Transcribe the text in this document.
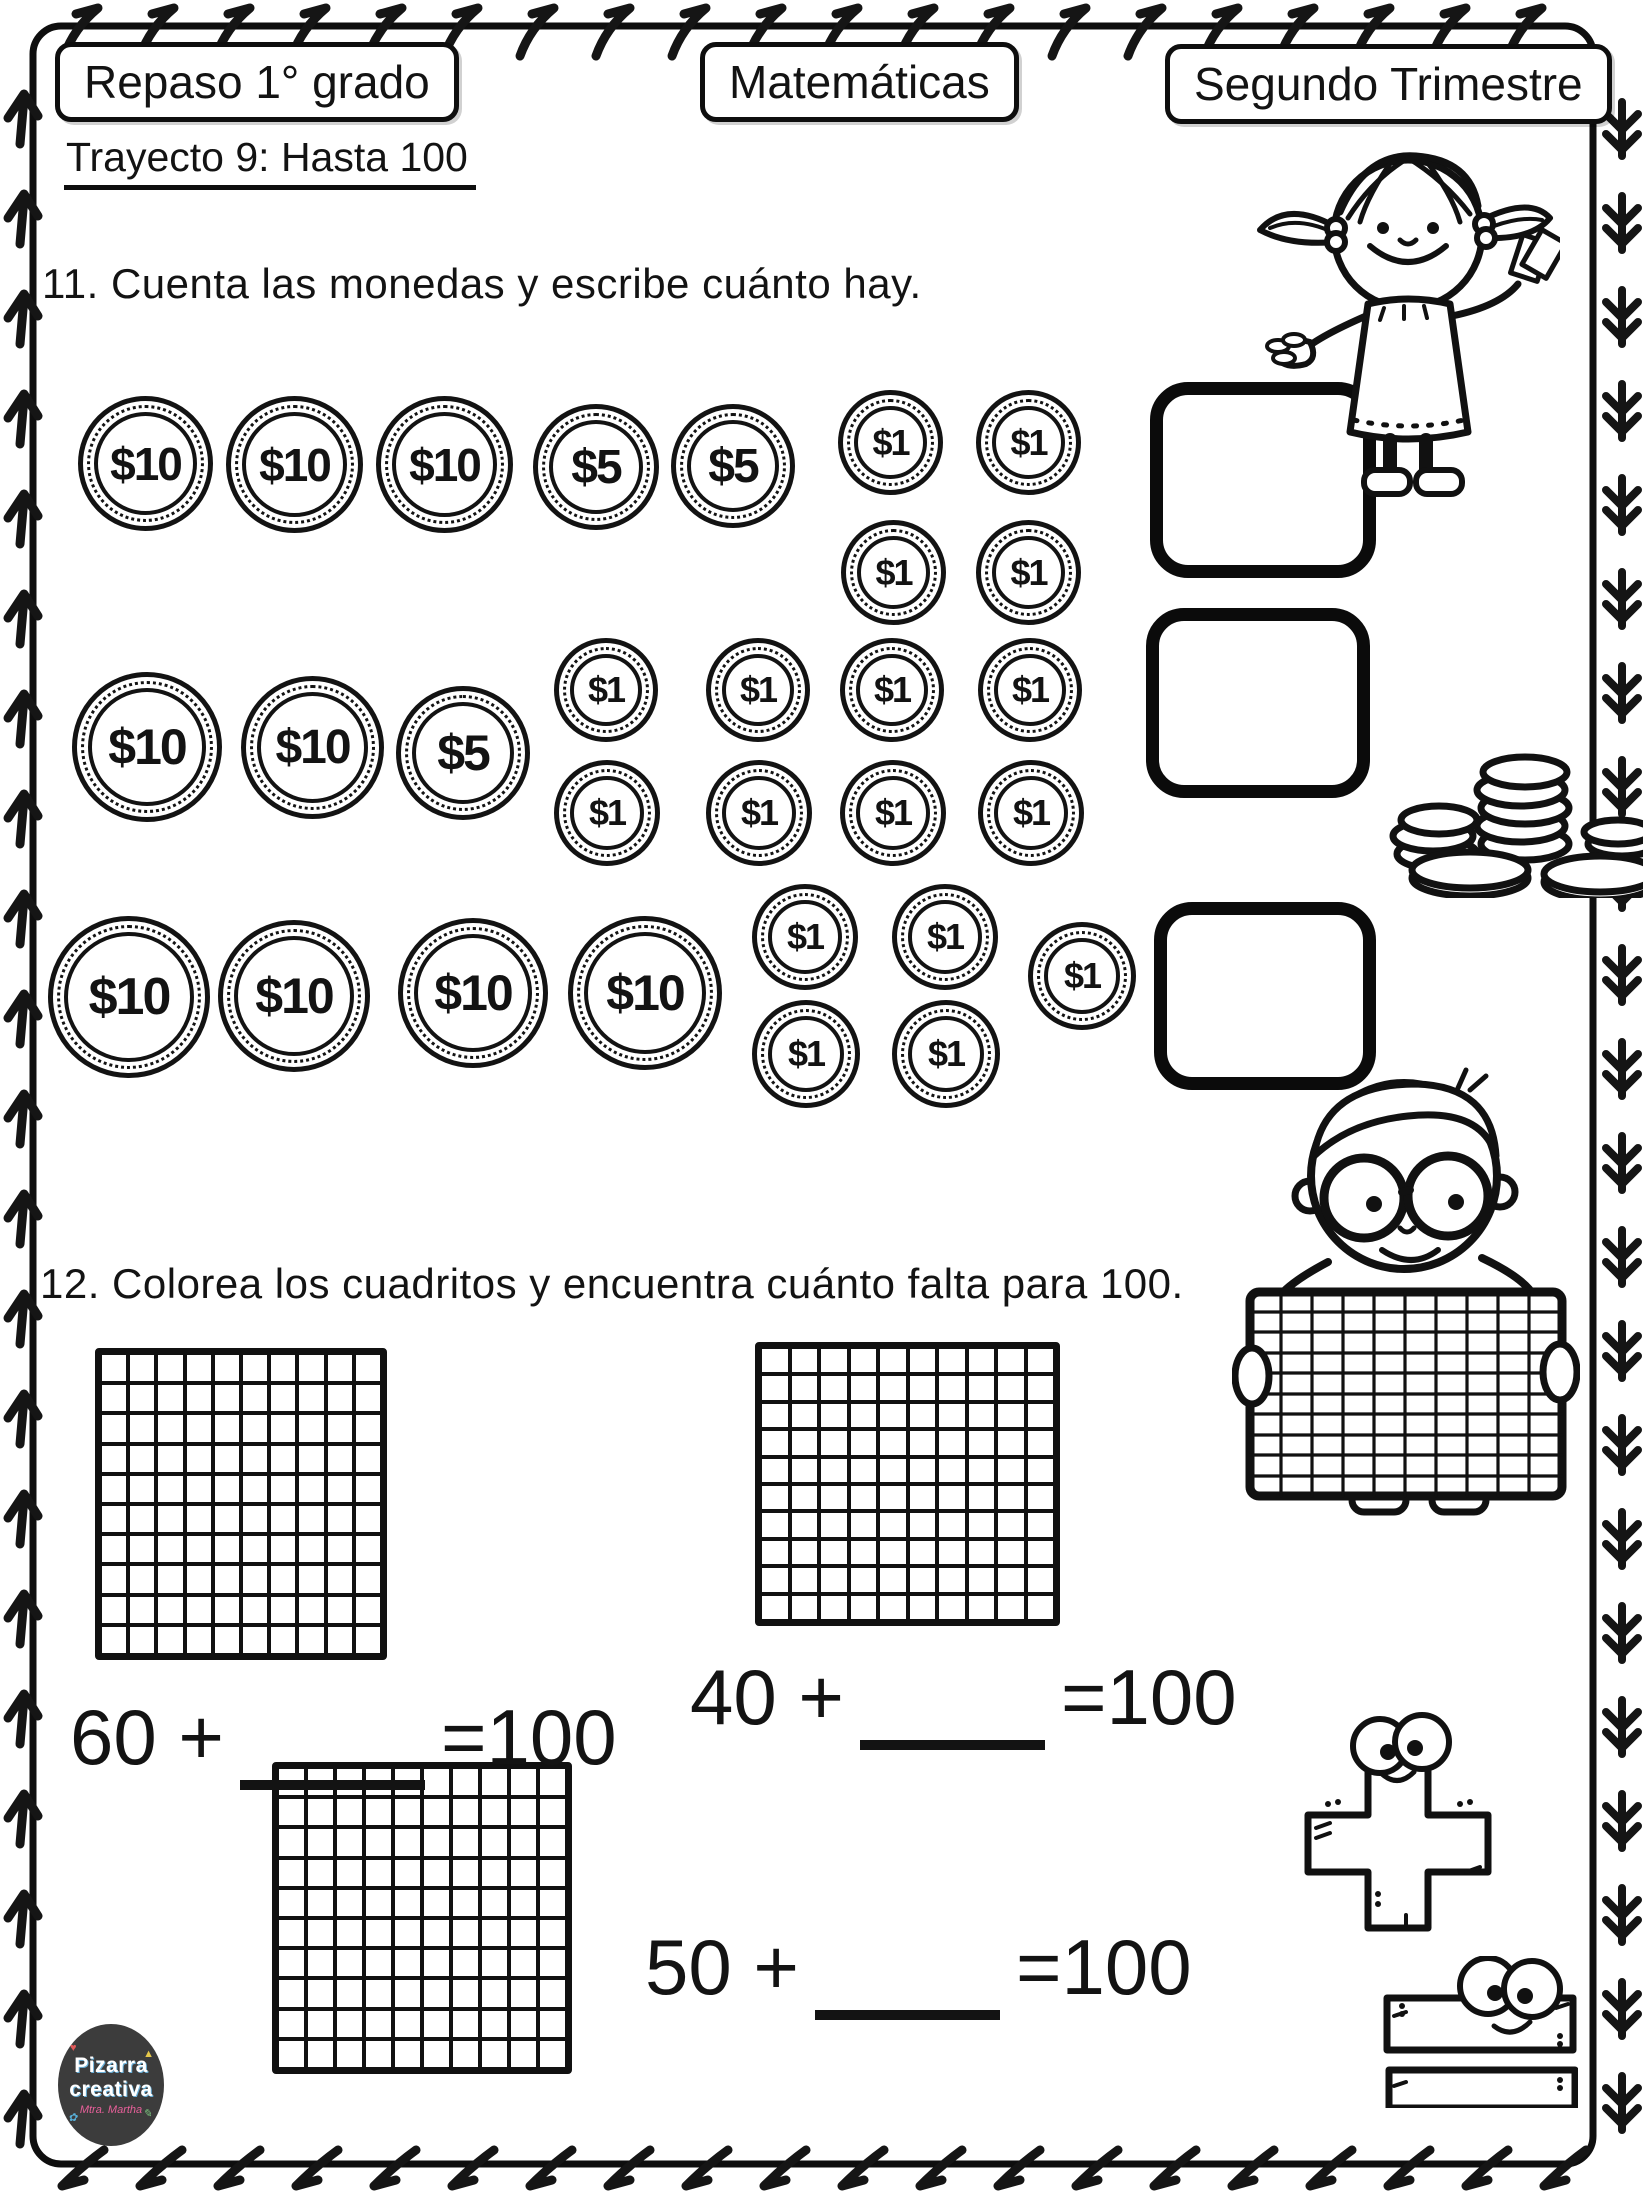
Repaso 1° grado	Matemáticas	Segundo Trimestre
Trayecto 9: Hasta 100
11. Cuenta las monedas y escribe cuánto hay.
$10 $10 $10 $5 $5	$1	$1
$1	$1
$10 $10 $5
$1	$1	$1	$1
$1	$1	$1	$1
$10 $10 $10 $10
$1	$1
$1
$1	$1
12. Colorea los cuadritos y encuentra cuánto falta para 100.
60 +	=100 40 +	=100
50 +	=100
♥	▲
✿	✎
Pizarra
creativa
Mtra. Martha
